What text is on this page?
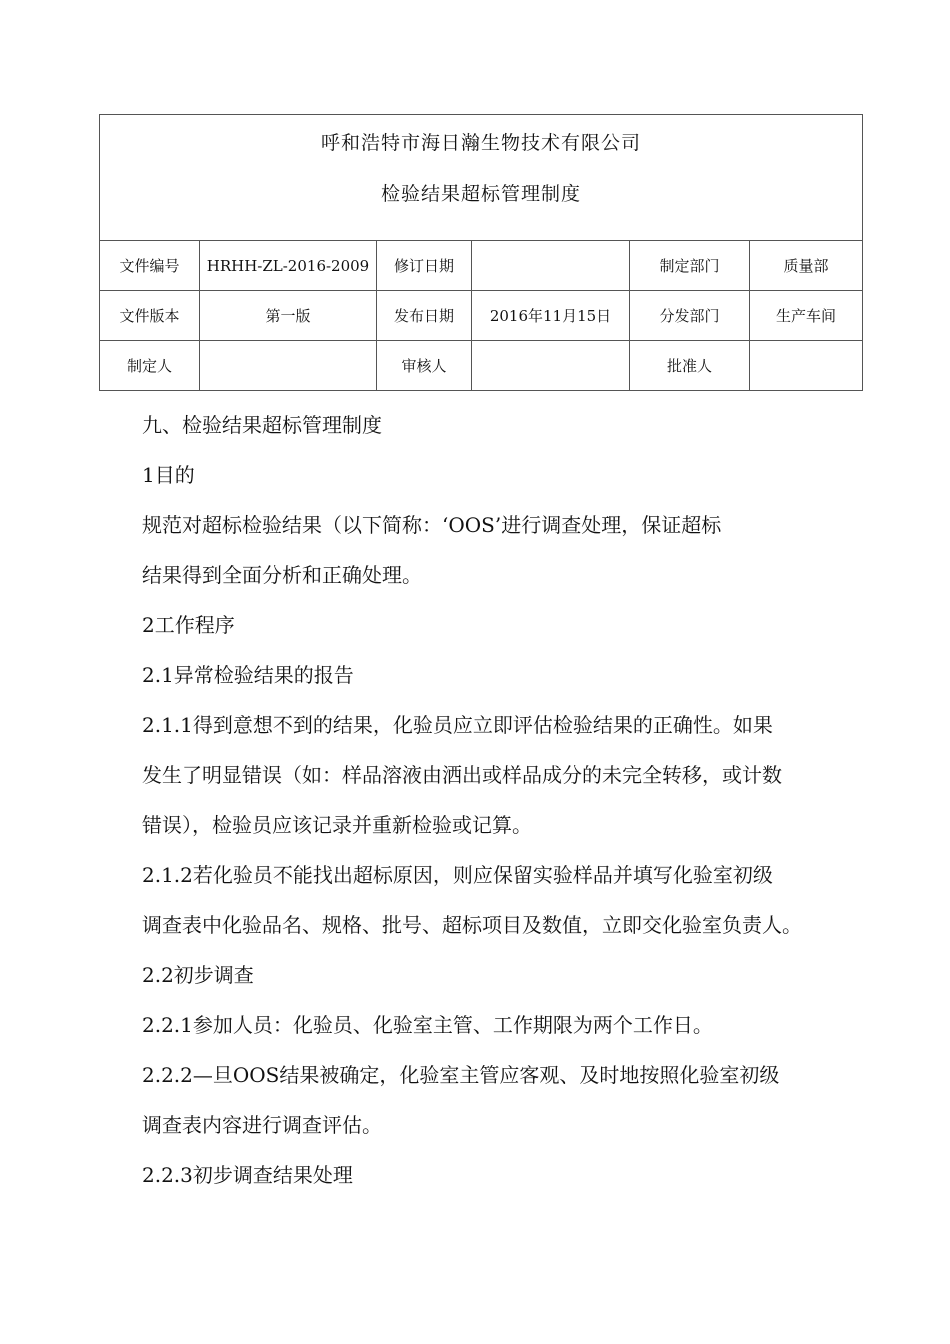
呼和浩特市海日瀚生物技术有限公司
检验结果超标管理制度					

文件编号	HRHH-ZL-2016-2009	修订日期		制定部门	质量部
文件版本	第一版	发布日期	2016年11月15日	分发部门	生产车间
制定人		审核人		批准人	

九、检验结果超标管理制度

1目的

规范对超标检验结果（以下简称：‘OOS’进行调查处理，保证超标

结果得到全面分析和正确处理。

2工作程序

2.1异常检验结果的报告

2.1.1得到意想不到的结果，化验员应立即评估检验结果的正确性。如果

发生了明显错误（如：样品溶液由洒出或样品成分的未完全转移，或计数

错误），检验员应该记录并重新检验或记算。

2.1.2若化验员不能找出超标原因，则应保留实验样品并填写化验室初级

调查表中化验品名、规格、批号、超标项目及数值，立即交化验室负责人。

2.2初步调查

2.2.1参加人员：化验员、化验室主管、工作期限为两个工作日。

2.2.2—旦OOS结果被确定，化验室主管应客观、及时地按照化验室初级

调查表内容进行调查评估。

2.2.3初步调查结果处理
